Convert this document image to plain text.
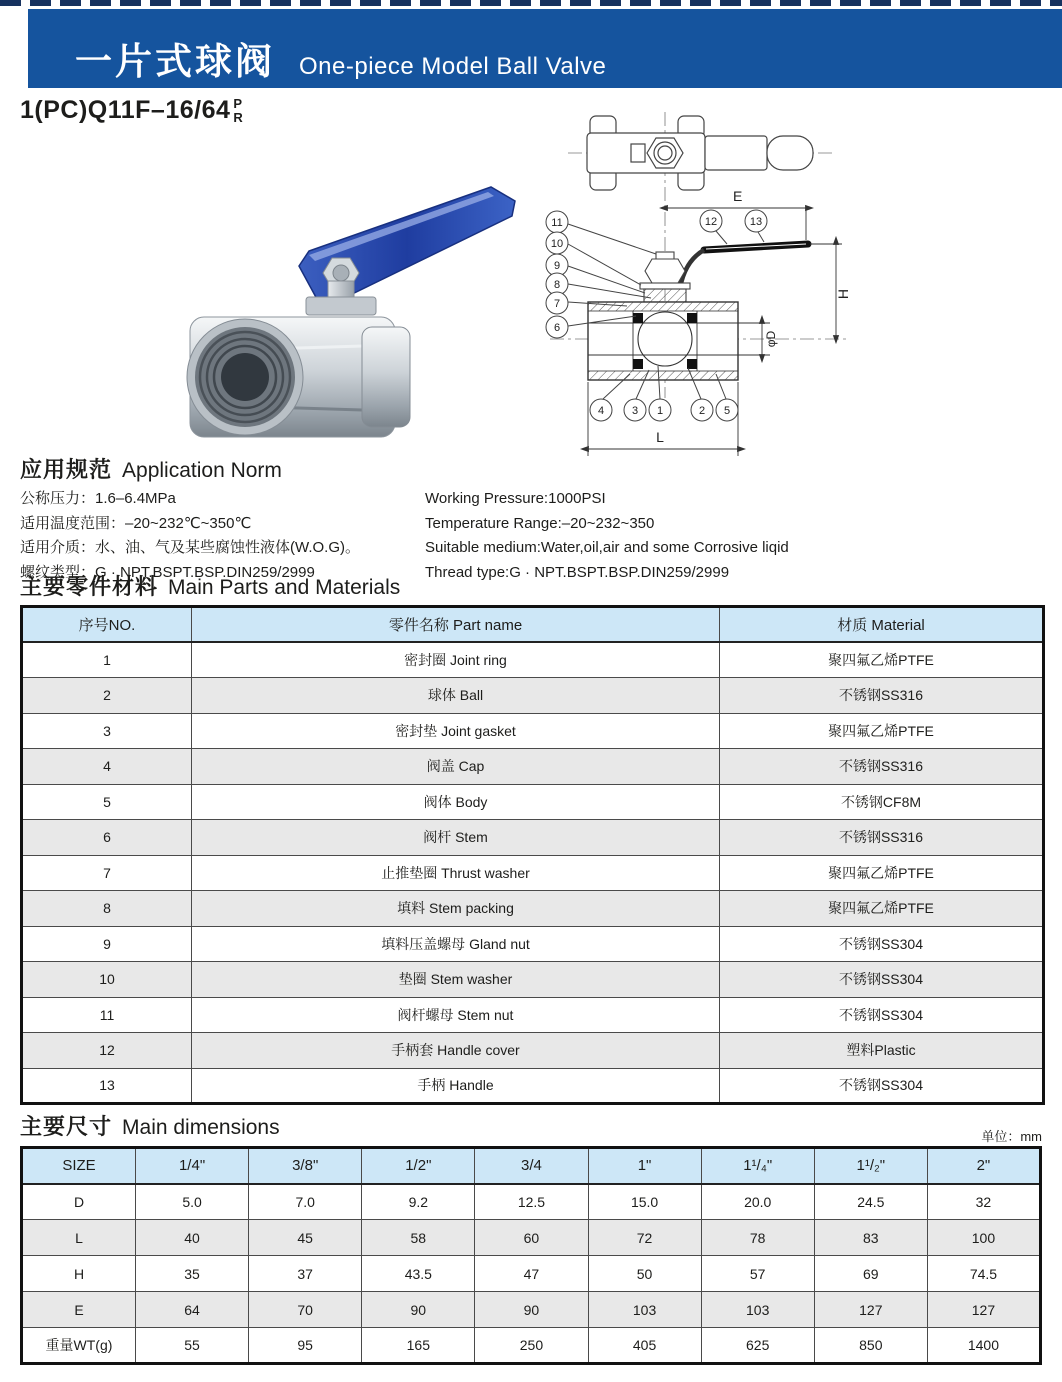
一片式球阀 One-piece Model Ball Valve
1(PC)Q11F–16/64 P
R
E
12	13
H
φD
11
10
9
8
7
6
4	3 1	2 5
L
应用规范 Application Norm
公称压力：1.6–6.4MPa
适用温度范围：–20~232℃~350℃
适用介质：水、油、气及某些腐蚀性液体(W.O.G)。
螺纹类型：G · NPT.BSPT.BSP.DIN259/2999
Working Pressure:1000PSI
Temperature Range:–20~232~350
Suitable medium:Water,oil,air and some Corrosive liqid
Thread type:G · NPT.BSPT.BSP.DIN259/2999
主要零件材料 Main Parts and Materials
序号NO.	零件名称 Part name	材质 Material
1	密封圈 Joint ring	聚四氟乙烯PTFE
2	球体 Ball	不锈钢SS316
3	密封垫 Joint gasket	聚四氟乙烯PTFE
4	阀盖 Cap	不锈钢SS316
5	阀体 Body	不锈钢CF8M
6	阀杆 Stem	不锈钢SS316
7	止推垫圈 Thrust washer	聚四氟乙烯PTFE
8	填料 Stem packing	聚四氟乙烯PTFE
9	填料压盖螺母 Gland nut	不锈钢SS304
10	垫圈 Stem washer	不锈钢SS304
11	阀杆螺母 Stem nut	不锈钢SS304
12	手柄套 Handle cover	塑料Plastic
13	手柄 Handle	不锈钢SS304
主要尺寸 Main dimensions	单位：mm
SIZE	1/4"	3/8"	1/2"	3/4	1"	1¹/₄"	1¹/₂"	2"
D	5.0	7.0	9.2	12.5	15.0	20.0	24.5	32
L	40	45	58	60	72	78	83	100
H	35	37	43.5	47	50	57	69	74.5
E	64	70	90	90	103	103	127	127
重量WT(g)	55	95	165	250	405	625	850	1400
